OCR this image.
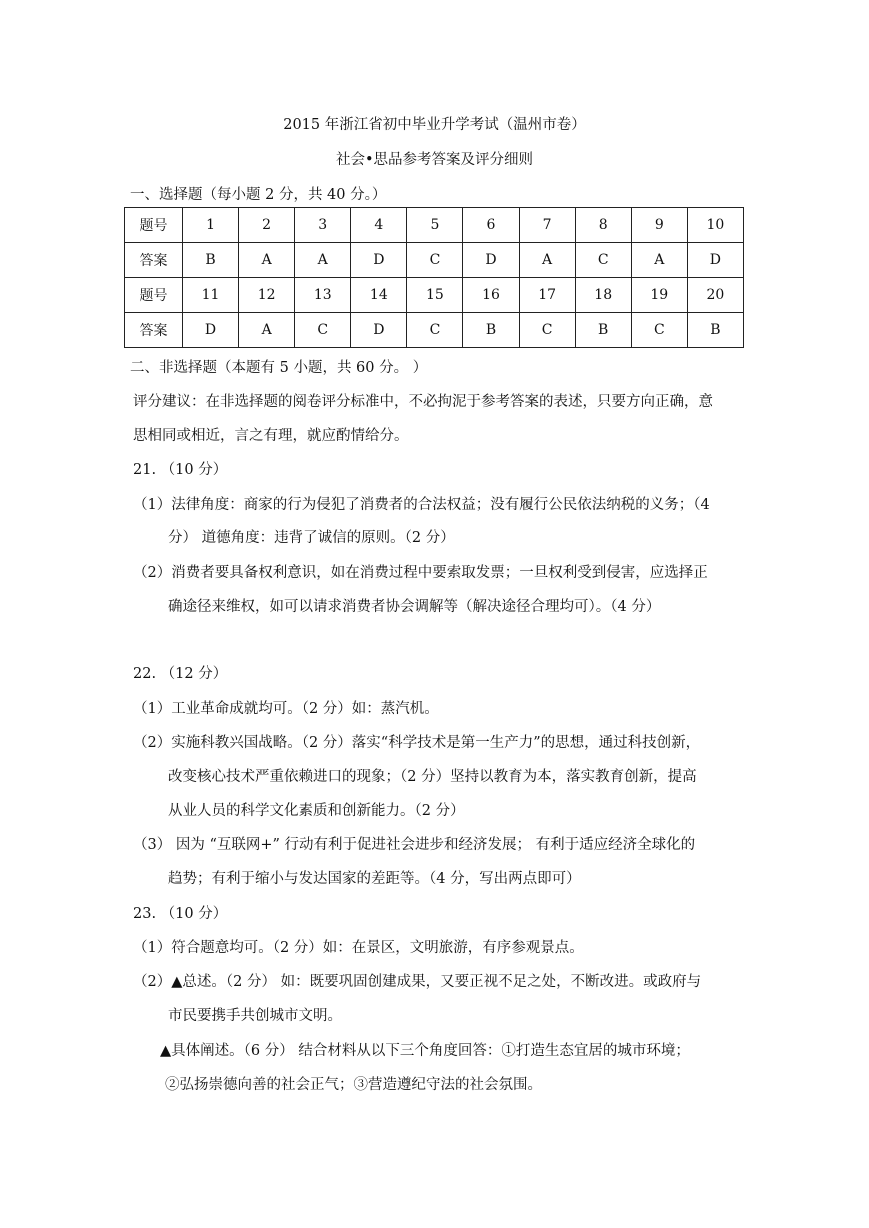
2015 年浙江省初中毕业升学考试（温州市卷）
社会•思品参考答案及评分细则
一、选择题（每小题 2 分，共 40 分。）
题号	1	2	3	4	5	6	7	8	9	10
答案	B	A	A	D	C	D	A	C	A	D
题号	11	12	13	14	15	16	17	18	19	20
答案	D	A	C	D	C	B	C	B	C	B
二、非选择题（本题有 5 小题，共 60 分。 ）
评分建议：在非选择题的阅卷评分标准中，不必拘泥于参考答案的表述，只要方向正确，意
思相同或相近，言之有理，就应酌情给分。
21. （10 分）
（1）法律角度：商家的行为侵犯了消费者的合法权益；没有履行公民依法纳税的义务；（4
分） 道德角度：违背了诚信的原则。（2 分）
（2）消费者要具备权利意识，如在消费过程中要索取发票；一旦权利受到侵害，应选择正
确途径来维权，如可以请求消费者协会调解等（解决途径合理均可）。（4 分）
22. （12 分）
（1）工业革命成就均可。（2 分）如：蒸汽机。
（2）实施科教兴国战略。（2 分）落实“科学技术是第一生产力”的思想，通过科技创新，
改变核心技术严重依赖进口的现象；（2 分）坚持以教育为本，落实教育创新，提高
从业人员的科学文化素质和创新能力。（2 分）
（3） 因为 “互联网+” 行动有利于促进社会进步和经济发展； 有利于适应经济全球化的
趋势；有利于缩小与发达国家的差距等。（4 分，写出两点即可）
23. （10 分）
（1）符合题意均可。（2 分）如：在景区，文明旅游，有序参观景点。
（2）▲总述。（2 分） 如：既要巩固创建成果，又要正视不足之处，不断改进。或政府与
市民要携手共创城市文明。
▲具体阐述。（6 分） 结合材料从以下三个角度回答：①打造生态宜居的城市环境；
②弘扬崇德向善的社会正气；③营造遵纪守法的社会氛围。
